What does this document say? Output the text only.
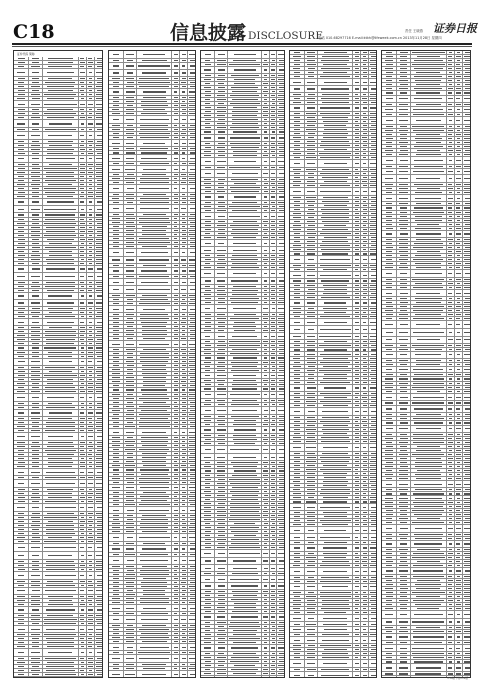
C18	信息披露 DISCLOSURE	责任 王晓燕
电话 010-68297716 E-mail:ktkh@lifeweek.com.cn 2013年11月28日 星期四
证券日报
证券代码 简称
C18版下转C19版
